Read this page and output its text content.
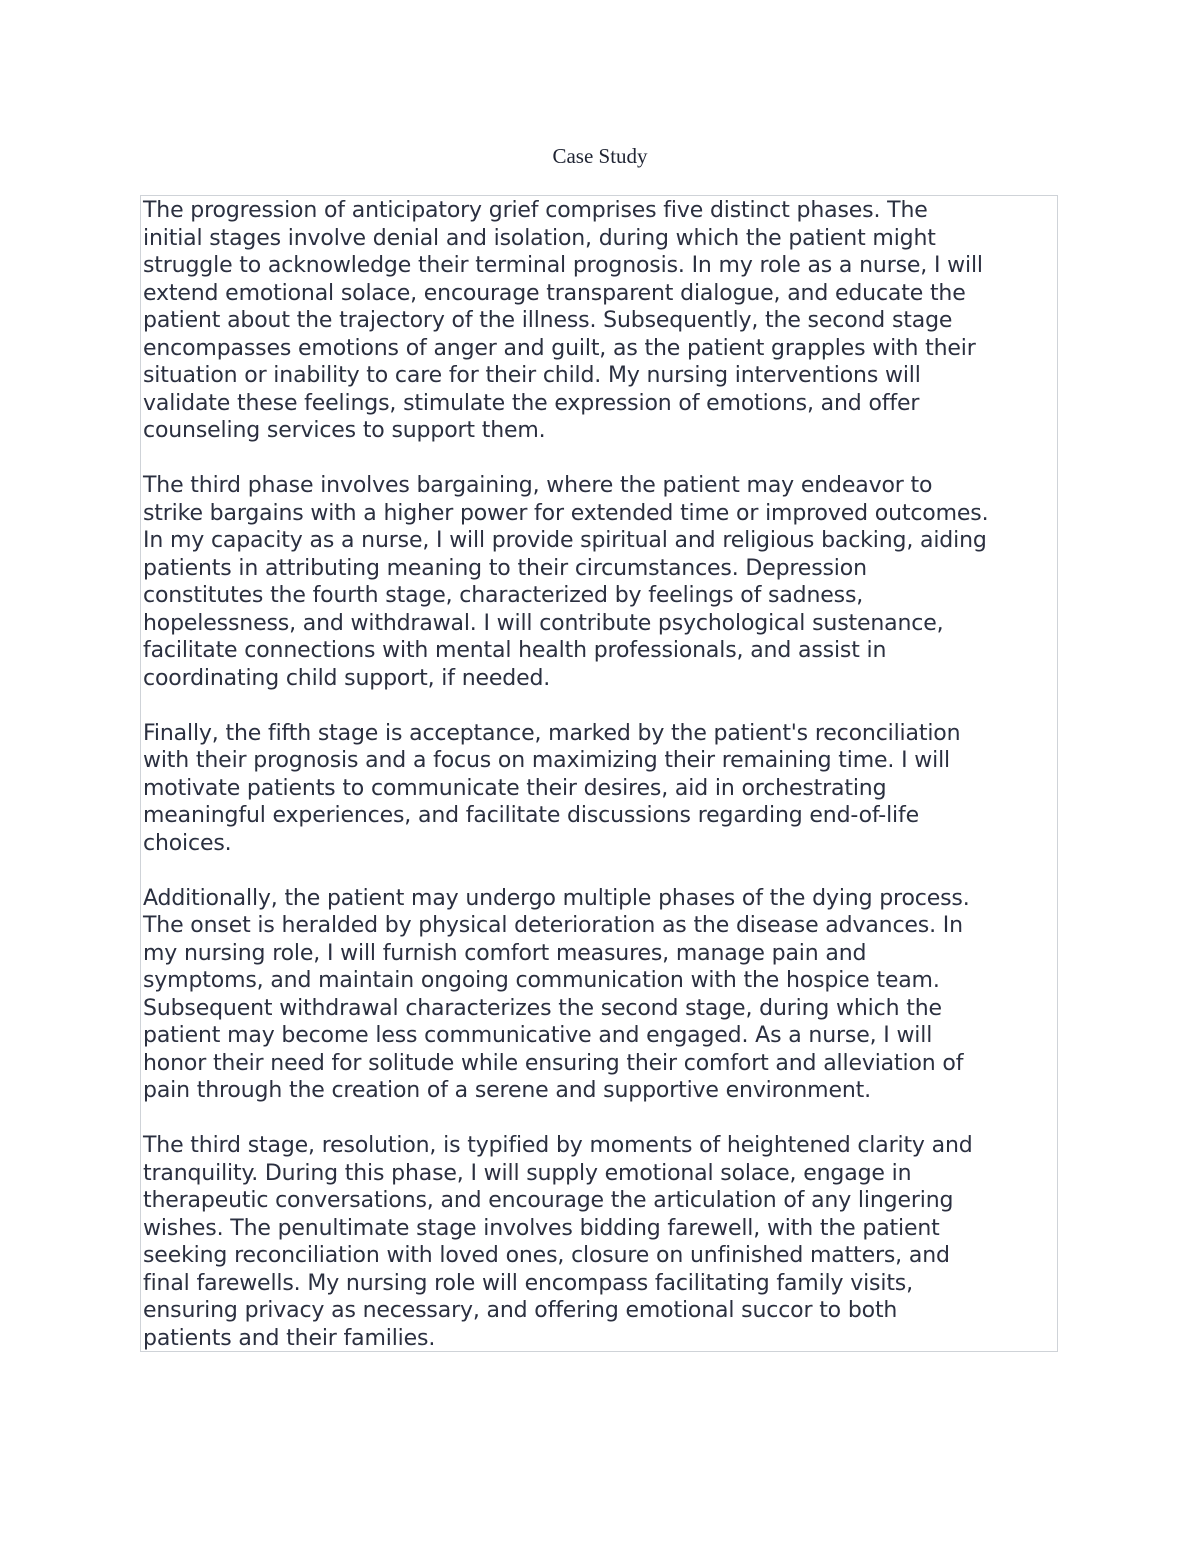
Case Study

The progression of anticipatory grief comprises five distinct phases. The
initial stages involve denial and isolation, during which the patient might
struggle to acknowledge their terminal prognosis. In my role as a nurse, I will
extend emotional solace, encourage transparent dialogue, and educate the
patient about the trajectory of the illness. Subsequently, the second stage
encompasses emotions of anger and guilt, as the patient grapples with their
situation or inability to care for their child. My nursing interventions will
validate these feelings, stimulate the expression of emotions, and offer
counseling services to support them.

The third phase involves bargaining, where the patient may endeavor to
strike bargains with a higher power for extended time or improved outcomes.
In my capacity as a nurse, I will provide spiritual and religious backing, aiding
patients in attributing meaning to their circumstances. Depression
constitutes the fourth stage, characterized by feelings of sadness,
hopelessness, and withdrawal. I will contribute psychological sustenance,
facilitate connections with mental health professionals, and assist in
coordinating child support, if needed.

Finally, the fifth stage is acceptance, marked by the patient's reconciliation
with their prognosis and a focus on maximizing their remaining time. I will
motivate patients to communicate their desires, aid in orchestrating
meaningful experiences, and facilitate discussions regarding end-of-life
choices.

Additionally, the patient may undergo multiple phases of the dying process.
The onset is heralded by physical deterioration as the disease advances. In
my nursing role, I will furnish comfort measures, manage pain and
symptoms, and maintain ongoing communication with the hospice team.
Subsequent withdrawal characterizes the second stage, during which the
patient may become less communicative and engaged. As a nurse, I will
honor their need for solitude while ensuring their comfort and alleviation of
pain through the creation of a serene and supportive environment.

The third stage, resolution, is typified by moments of heightened clarity and
tranquility. During this phase, I will supply emotional solace, engage in
therapeutic conversations, and encourage the articulation of any lingering
wishes. The penultimate stage involves bidding farewell, with the patient
seeking reconciliation with loved ones, closure on unfinished matters, and
final farewells. My nursing role will encompass facilitating family visits,
ensuring privacy as necessary, and offering emotional succor to both
patients and their families.
